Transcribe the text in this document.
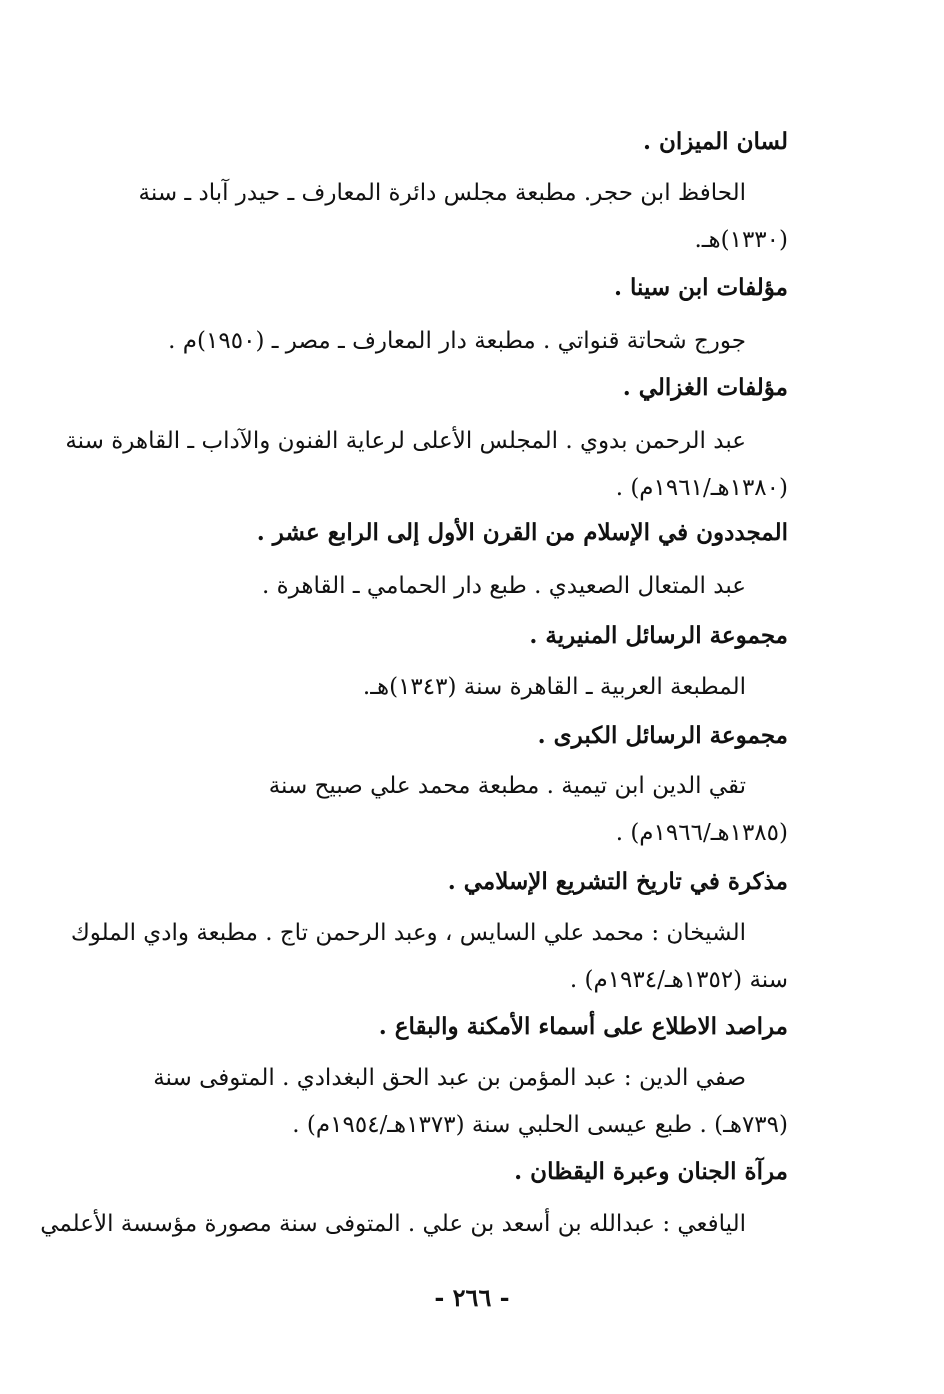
لسان الميزان .
الحافظ ابن حجر. مطبعة مجلس دائرة المعارف ـ حيدر آباد ـ سنة
(١٣٣٠)هـ.
مؤلفات ابن سينا .
جورج شحاتة قنواتي . مطبعة دار المعارف ـ مصر ـ (١٩٥٠)م .
مؤلفات الغزالي .
عبد الرحمن بدوي . المجلس الأعلى لرعاية الفنون والآداب ـ القاهرة سنة
(١٣٨٠هـ/١٩٦١م) .
المجددون في الإسلام من القرن الأول إلى الرابع عشر .
عبد المتعال الصعيدي . طبع دار الحمامي ـ القاهرة .
مجموعة الرسائل المنيرية .
المطبعة العربية ـ القاهرة سنة (١٣٤٣)هـ.
مجموعة الرسائل الكبرى .
تقي الدين ابن تيمية . مطبعة محمد علي صبيح سنة
(١٣٨٥هـ/١٩٦٦م) .
مذكرة في تاريخ التشريع الإسلامي .
الشيخان : محمد علي السايس ، وعبد الرحمن تاج . مطبعة وادي الملوك
سنة (١٣٥٢هـ/١٩٣٤م) .
مراصد الاطلاع على أسماء الأمكنة والبقاع .
صفي الدين : عبد المؤمن بن عبد الحق البغدادي . المتوفى سنة
(٧٣٩هـ) . طبع عيسى الحلبي سنة (١٣٧٣هـ/١٩٥٤م) .
مرآة الجنان وعبرة اليقظان .
اليافعي : عبدالله بن أسعد بن علي . المتوفى سنة مصورة مؤسسة الأعلمي
- ٢٦٦ -
